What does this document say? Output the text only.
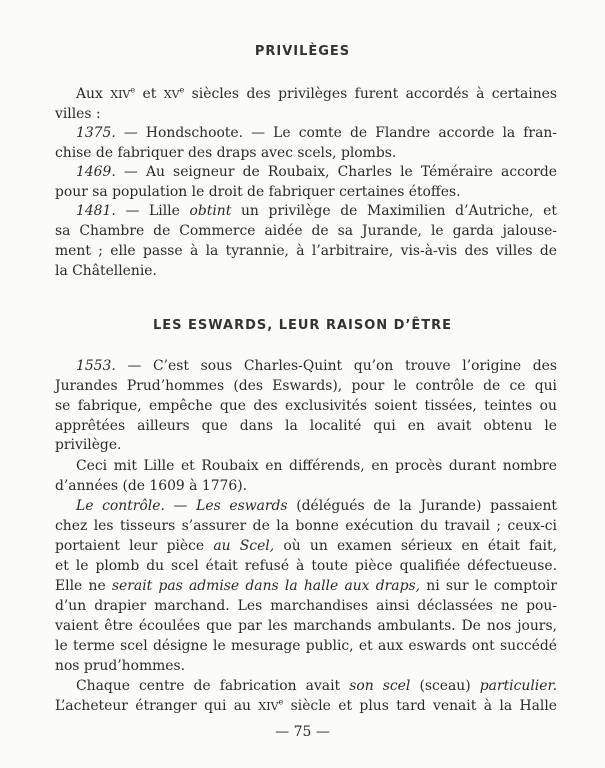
PRIVILÈGES

Aux XIVe et XVe siècles des privilèges furent accordés à certaines

villes :

1375. — Hondschoote. — Le comte de Flandre accorde la fran-

chise de fabriquer des draps avec scels, plombs.

1469. — Au seigneur de Roubaix, Charles le Téméraire accorde

pour sa population le droit de fabriquer certaines étoffes.

1481. — Lille obtint un privilège de Maximilien d’Autriche, et

sa Chambre de Commerce aidée de sa Jurande, le garda jalouse-

ment ; elle passe à la tyrannie, à l’arbitraire, vis-à-vis des villes de

la Châtellenie.

LES ESWARDS, LEUR RAISON D’ÊTRE

1553. — C’est sous Charles-Quint qu’on trouve l’origine des

Jurandes Prud’hommes (des Eswards), pour le contrôle de ce qui

se fabrique, empêche que des exclusivités soient tissées, teintes ou

apprêtées ailleurs que dans la localité qui en avait obtenu le

privilège.

Ceci mit Lille et Roubaix en différends, en procès durant nombre

d’années (de 1609 à 1776).

Le contrôle. — Les eswards (délégués de la Jurande) passaient

chez les tisseurs s’assurer de la bonne exécution du travail ; ceux-ci

portaient leur pièce au Scel, où un examen sérieux en était fait,

et le plomb du scel était refusé à toute pièce qualifiée défectueuse.

Elle ne serait pas admise dans la halle aux draps, ni sur le comptoir

d’un drapier marchand. Les marchandises ainsi déclassées ne pou-

vaient être écoulées que par les marchands ambulants. De nos jours,

le terme scel désigne le mesurage public, et aux eswards ont succédé

nos prud’hommes.

Chaque centre de fabrication avait son scel (sceau) particulier.

L’acheteur étranger qui au XIVe siècle et plus tard venait à la Halle

— 75 —
